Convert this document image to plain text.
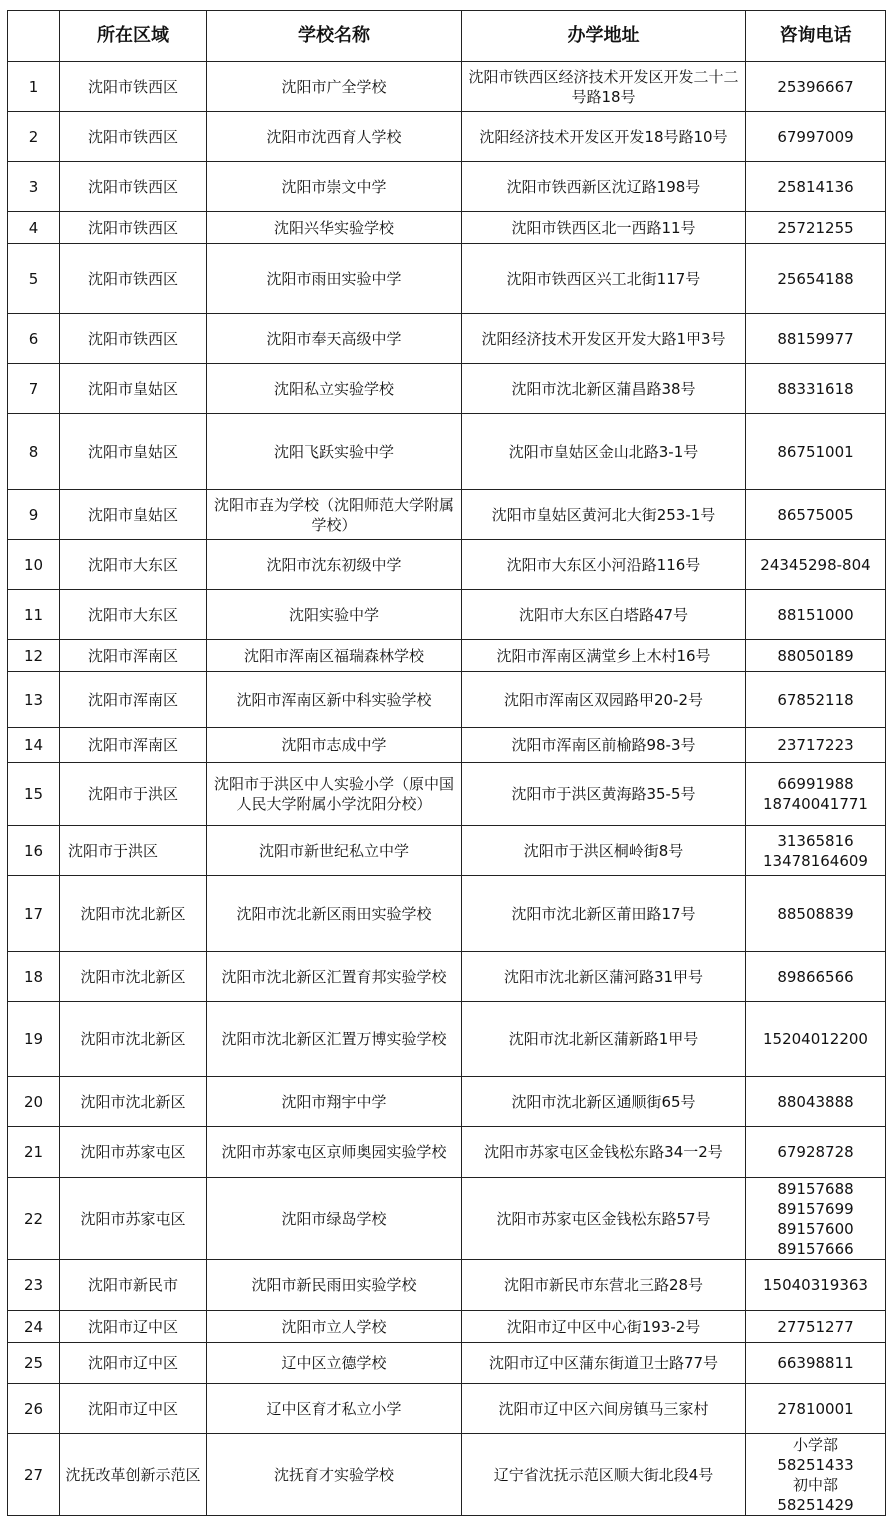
	所在区域	学校名称	办学地址	咨询电话
1	沈阳市铁西区	沈阳市广全学校	沈阳市铁西区经济技术开发区开发二十二号路18号	25396667
2	沈阳市铁西区	沈阳市沈西育人学校	沈阳经济技术开发区开发18号路10号	67997009
3	沈阳市铁西区	沈阳市崇文中学	沈阳市铁西新区沈辽路198号	25814136
4	沈阳市铁西区	沈阳兴华实验学校	沈阳市铁西区北一西路11号	25721255
5	沈阳市铁西区	沈阳市雨田实验中学	沈阳市铁西区兴工北街117号	25654188
6	沈阳市铁西区	沈阳市奉天高级中学	沈阳经济技术开发区开发大路1甲3号	88159977
7	沈阳市皇姑区	沈阳私立实验学校	沈阳市沈北新区蒲昌路38号	88331618
8	沈阳市皇姑区	沈阳飞跃实验中学	沈阳市皇姑区金山北路3-1号	86751001
9	沈阳市皇姑区	沈阳市壵为学校（沈阳师范大学附属学校）	沈阳市皇姑区黄河北大街253-1号	86575005
10	沈阳市大东区	沈阳市沈东初级中学	沈阳市大东区小河沿路116号	24345298-804
11	沈阳市大东区	沈阳实验中学	沈阳市大东区白塔路47号	88151000
12	沈阳市浑南区	沈阳市浑南区福瑞森林学校	沈阳市浑南区满堂乡上木村16号	88050189
13	沈阳市浑南区	沈阳市浑南区新中科实验学校	沈阳市浑南区双园路甲20-2号	67852118
14	沈阳市浑南区	沈阳市志成中学	沈阳市浑南区前榆路98-3号	23717223
15	沈阳市于洪区	沈阳市于洪区中人实验小学（原中国人民大学附属小学沈阳分校）	沈阳市于洪区黄海路35-5号	66991988
18740041771
16	沈阳市于洪区	沈阳市新世纪私立中学	沈阳市于洪区桐岭街8号	31365816
13478164609
17	沈阳市沈北新区	沈阳市沈北新区雨田实验学校	沈阳市沈北新区莆田路17号	88508839
18	沈阳市沈北新区	沈阳市沈北新区汇置育邦实验学校	沈阳市沈北新区蒲河路31甲号	89866566
19	沈阳市沈北新区	沈阳市沈北新区汇置万博实验学校	沈阳市沈北新区蒲新路1甲号	15204012200
20	沈阳市沈北新区	沈阳市翔宇中学	沈阳市沈北新区通顺街65号	88043888
21	沈阳市苏家屯区	沈阳市苏家屯区京师奥园实验学校	沈阳市苏家屯区金钱松东路34一2号	67928728
22	沈阳市苏家屯区	沈阳市绿岛学校	沈阳市苏家屯区金钱松东路57号	89157688
89157699
89157600
89157666
23	沈阳市新民市	沈阳市新民雨田实验学校	沈阳市新民市东营北三路28号	15040319363
24	沈阳市辽中区	沈阳市立人学校	沈阳市辽中区中心街193-2号	27751277
25	沈阳市辽中区	辽中区立德学校	沈阳市辽中区蒲东街道卫士路77号	66398811
26	沈阳市辽中区	辽中区育才私立小学	沈阳市辽中区六间房镇马三家村	27810001
27	沈抚改革创新示范区	沈抚育才实验学校	辽宁省沈抚示范区顺大街北段4号	小学部
58251433
初中部
58251429
